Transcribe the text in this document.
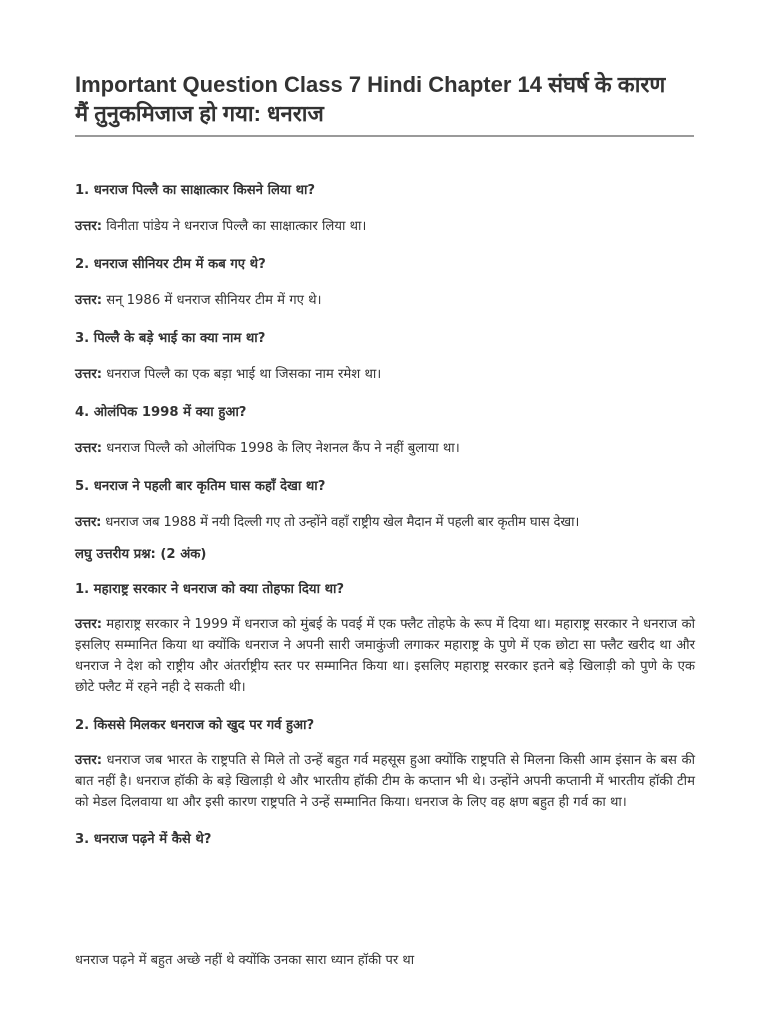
Important Question Class 7 Hindi Chapter 14 संघर्ष के कारण मैं तुनुकमिजाज हो गया: धनराज

1. धनराज पिल्लै का साक्षात्कार किसने लिया था?

उत्तर: विनीता पांडेय ने धनराज पिल्लै का साक्षात्कार लिया था।

2. धनराज सीनियर टीम में कब गए थे?

उत्तर: सन् 1986 में धनराज सीनियर टीम में गए थे।

3. पिल्लै के बड़े भाई का क्या नाम था?

उत्तर: धनराज पिल्लै का एक बड़ा भाई था जिसका नाम रमेश था।

4. ओलंपिक 1998 में क्या हुआ?

उत्तर: धनराज पिल्लै को ओलंपिक 1998 के लिए नेशनल कैंप ने नहीं बुलाया था।

5. धनराज ने पहली बार कृतिम घास कहाँ देखा था?

उत्तर: धनराज जब 1988 में नयी दिल्ली गए तो उन्होंने वहाँ राष्ट्रीय खेल मैदान में पहली बार कृतीम घास देखा।

लघु उत्तरीय प्रश्न: (2 अंक)

1. महाराष्ट्र सरकार ने धनराज को क्या तोहफा दिया था?

उत्तर: महाराष्ट्र सरकार ने 1999 में धनराज को मुंबई के पवई में एक फ्लैट तोहफे के रूप में दिया था। महाराष्ट्र सरकार ने धनराज को इसलिए सम्मानित किया था क्योंकि धनराज ने अपनी सारी जमाकुंजी लगाकर महाराष्ट्र के पुणे में एक छोटा सा फ्लैट खरीद था और धनराज ने देश को राष्ट्रीय और अंतर्राष्ट्रीय स्तर पर सम्मानित किया था। इसलिए महाराष्ट्र सरकार इतने बड़े खिलाड़ी को पुणे के एक छोटे फ्लैट में रहने नही दे सकती थी।

2. किससे मिलकर धनराज को खुद पर गर्व हुआ?

उत्तर: धनराज जब भारत के राष्ट्रपति से मिले तो उन्हें बहुत गर्व महसूस हुआ क्योंकि राष्ट्रपति से मिलना किसी आम इंसान के बस की बात नहीं है। धनराज हॉकी के बड़े खिलाड़ी थे और भारतीय हॉकी टीम के कप्तान भी थे। उन्होंने अपनी कप्तानी में भारतीय हॉकी टीम को मेडल दिलवाया था और इसी कारण राष्ट्रपति ने उन्हें सम्मानित किया। धनराज के लिए वह क्षण बहुत ही गर्व का था।

3. धनराज पढ़ने में कैसे थे?

धनराज पढ़ने में बहुत अच्छे नहीं थे क्योंकि उनका सारा ध्यान हॉकी पर था
